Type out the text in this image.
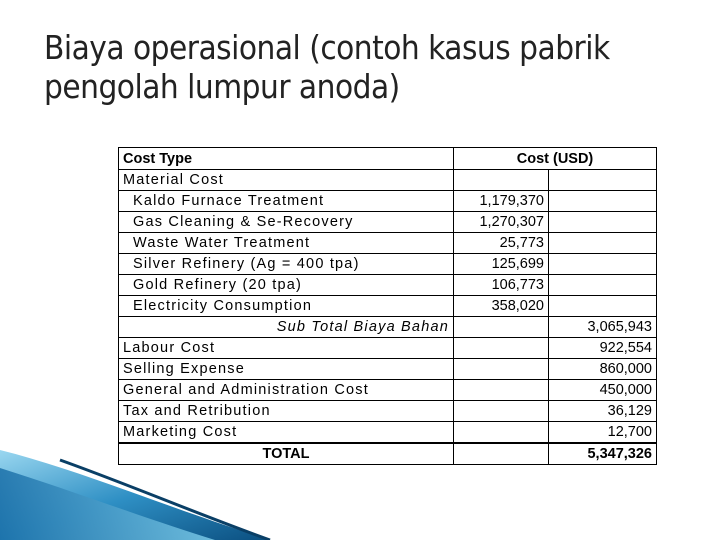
Biaya operasional (contoh kasus pabrik pengolah lumpur anoda)
Cost Type	Cost (USD)	
Material Cost		
Kaldo Furnace Treatment	1,179,370	
Gas Cleaning & Se-Recovery	1,270,307	
Waste Water Treatment	25,773	
Silver Refinery (Ag = 400 tpa)	125,699	
Gold Refinery (20 tpa)	106,773	
Electricity Consumption	358,020	
Sub Total Biaya Bahan		3,065,943
Labour Cost		922,554
Selling Expense		860,000
General and Administration Cost		450,000
Tax and Retribution		36,129
Marketing Cost		12,700
TOTAL		5,347,326
